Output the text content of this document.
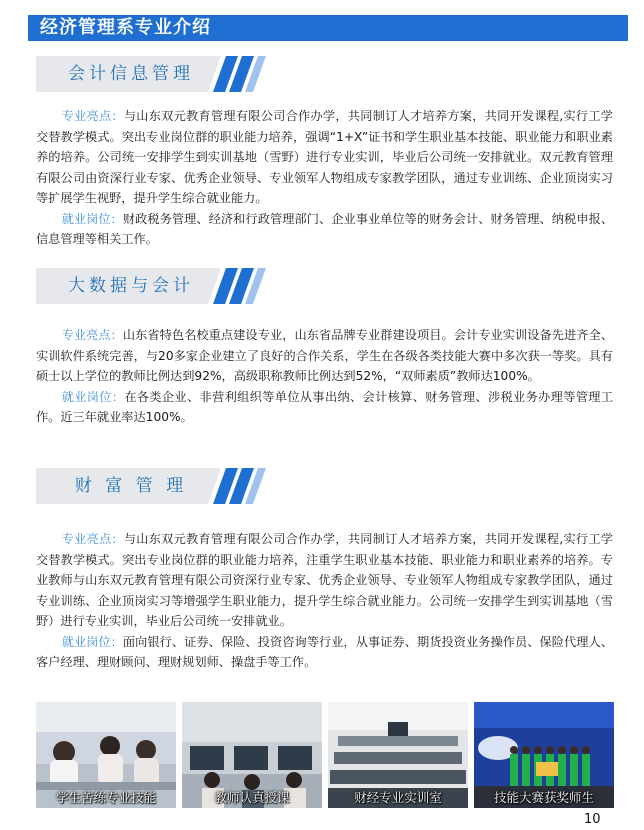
经济管理系专业介绍
会计信息管理

专业亮点：与山东双元教育管理有限公司合作办学，共同制订人才培养方案，共同开发课程,实行工学交替教学模式。突出专业岗位群的职业能力培养，强调“1+X”证书和学生职业基本技能、职业能力和职业素养的培养。公司统一安排学生到实训基地（雪野）进行专业实训，毕业后公司统一安排就业。双元教育管理有限公司由资深行业专家、优秀企业领导、专业领军人物组成专家教学团队，通过专业训练、企业顶岗实习等扩展学生视野，提升学生综合就业能力。

就业岗位：财政税务管理、经济和行政管理部门、企业事业单位等的财务会计、财务管理、纳税申报、信息管理等相关工作。

大数据与会计

专业亮点：山东省特色名校重点建设专业，山东省品牌专业群建设项目。会计专业实训设备先进齐全、实训软件系统完善，与20多家企业建立了良好的合作关系，学生在各级各类技能大赛中多次获一等奖。具有硕士以上学位的教师比例达到92%，高级职称教师比例达到52%，“双师素质”教师达100%。

就业岗位：在各类企业、非营利组织等单位从事出纳、会计核算、财务管理、涉税业务办理等管理工作。近三年就业率达100%。

财 富 管 理

专业亮点：与山东双元教育管理有限公司合作办学，共同制订人才培养方案，共同开发课程,实行工学交替教学模式。突出专业岗位群的职业能力培养，注重学生职业基本技能、职业能力和职业素养的培养。专业教师与山东双元教育管理有限公司资深行业专家、优秀企业领导、专业领军人物组成专家教学团队，通过专业训练、企业顶岗实习等增强学生职业能力，提升学生综合就业能力。公司统一安排学生到实训基地（雪野）进行专业实训，毕业后公司统一安排就业。

就业岗位：面向银行、证券、保险、投资咨询等行业，从事证券、期货投资业务操作员、保险代理人、客户经理、理财顾问、理财规划师、操盘手等工作。

学生苦练专业技能	教师认真授课	财经专业实训室	技能大赛获奖师生
10
